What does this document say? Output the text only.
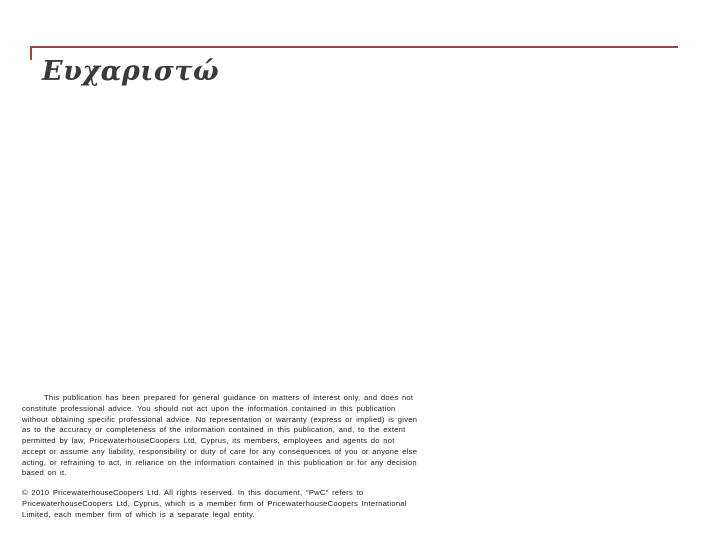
Ευχαριστώ

This publication has been prepared for general guidance on matters of interest only, and does not constitute professional advice. You should not act upon the information contained in this publication without obtaining specific professional advice. No representation or warranty (express or implied) is given as to the accuracy or completeness of the information contained in this publication, and, to the extent permitted by law, PricewaterhouseCoopers Ltd, Cyprus, its members, employees and agents do not accept or assume any liability, responsibility or duty of care for any consequences of you or anyone else acting, or refraining to act, in reliance on the information contained in this publication or for any decision based on it.

© 2010 PricewaterhouseCoopers Ltd. All rights reserved. In this document, "PwC" refers to PricewaterhouseCoopers Ltd, Cyprus, which is a member firm of PricewaterhouseCoopers International Limited, each member firm of which is a separate legal entity.
